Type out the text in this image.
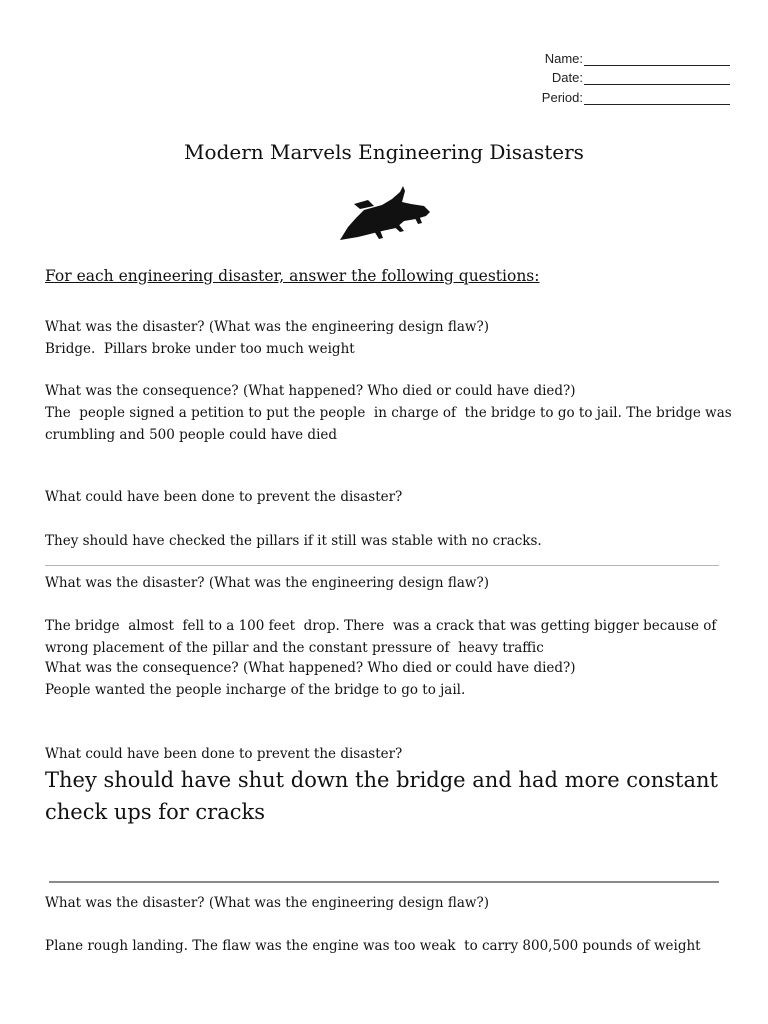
Name:
Date:
Period:
Modern Marvels Engineering Disasters
For each engineering disaster, answer the following questions:
What was the disaster? (What was the engineering design flaw?)
Bridge.  Pillars broke under too much weight
What was the consequence? (What happened? Who died or could have died?)
The  people signed a petition to put the people  in charge of  the bridge to go to jail. The bridge was crumbling and 500 people could have died
What could have been done to prevent the disaster?
They should have checked the pillars if it still was stable with no cracks.
What was the disaster? (What was the engineering design flaw?)
The bridge  almost  fell to a 100 feet  drop. There  was a crack that was getting bigger because of wrong placement of the pillar and the constant pressure of  heavy traffic
What was the consequence? (What happened? Who died or could have died?)
People wanted the people incharge of the bridge to go to jail.
What could have been done to prevent the disaster?
They should have shut down the bridge and had more constant check ups for cracks
What was the disaster? (What was the engineering design flaw?)
Plane rough landing. The flaw was the engine was too weak  to carry 800,500 pounds of weight
